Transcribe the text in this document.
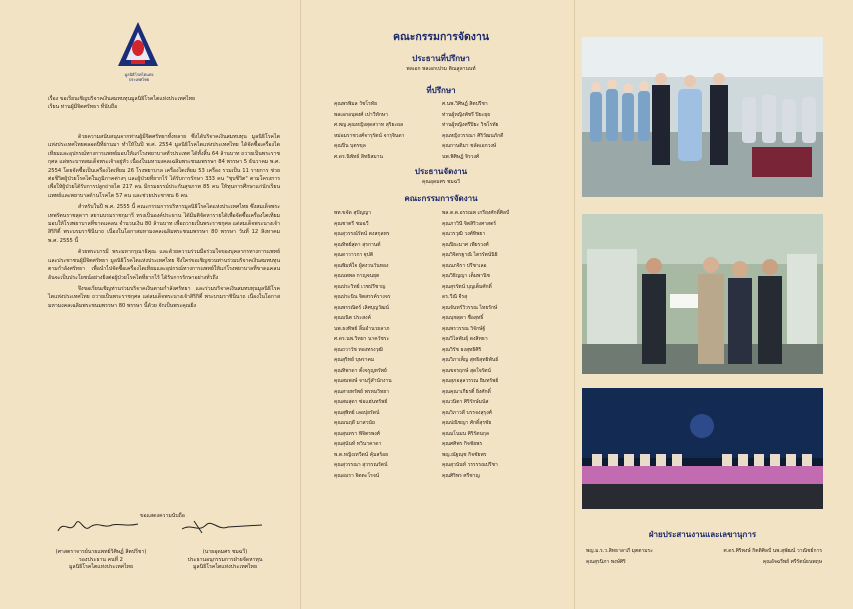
มูลนิธิโรคไตแห่ง
ประเทศไทย
เรื่อง ขอเรียนเชิญบริจาคเงินสมทบทุนมูลนิธิโรคไตแห่งประเทศไทย
เรียน ท่านผู้มีจิตศรัทธา ที่นับถือ

ด้วยความสนับสนุนจากท่านผู้มีจิตศรัทธาทั้งหลาย ซึ่งได้บริจาคเงินสมทบทุน มูลนิธิโรคไตแห่งประเทศไทยตลอดปีที่ผ่านมา ทำให้ในปี พ.ศ. 2554 มูลนิธิโรคไตแห่งประเทศไทย ได้จัดซื้อเครื่องไตเทียมและอุปกรณ์ทางการแพทย์มอบให้แก่โรงพยาบาลทั่วประเทศ ได้ทั้งสิ้น 64 ล้านบาท ถวายเป็นพระราชกุศล แด่พระบาทสมเด็จพระเจ้าอยู่หัว เนื่องในมหามงคลเฉลิมพระชนมพรรษา 84 พรรษา 5 ธันวาคม พ.ศ. 2554 โดยจัดซื้อเป็นเครื่องไตเทียม 26 โรงพยาบาล เครื่องไตเทียม 53 เครื่อง รวมเป็น 11 รายการ ช่วยต่อชีวิตผู้ป่วยโรคไตในภูมิภาคต่างๆ และผู้ป่วยที่ยากไร้ ได้รับการรักษา 333 คน "ชุบชีวิต" ตามโครงการเพื่อให้ผู้ป่วยได้รับการปลูกถ่ายไต 217 คน มีกรมธรรม์ประกันสุขภาพ 85 คน ให้ทุนการศึกษาแก่นักเรียนแพทย์และพยาบาลด้านโรคไต 57 คน และช่วยประชาชน 6 คน

สำหรับในปี พ.ศ. 2555 นี้ คณะกรรมการบริหารมูลนิธิโรคไตแห่งประเทศไทย ซึ่งสมเด็จพระเทพรัตนราชสุดาฯ สยามบรมราชกุมารี ทรงเป็นองค์ประธาน ได้มีมติจัดหารายได้เพื่อจัดซื้อเครื่องไตเทียมมอบให้โรงพยาบาลที่ขาดแคลน จำนวนเงิน 80 ล้านบาท เพื่อถวายเป็นพระราชกุศล แด่สมเด็จพระนางเจ้าสิริกิติ์ พระบรมราชินีนาถ เนื่องในโอกาสมหามงคลเฉลิมพระชนมพรรษา 80 พรรษา วันที่ 12 สิงหาคม พ.ศ. 2555 นี้

ด้วยพระบารมี พระมหากรุณาธิคุณ และด้วยความร่วมมือร่วมใจของบุคลากรทางการแพทย์ และประชาชนผู้มีจิตศรัทธา มูลนิธิโรคไตแห่งประเทศไทย จึงใคร่ขอเชิญชวนท่านร่วมบริจาคเงินสมทบทุนตามกำลังศรัทธา เพื่อนำไปจัดซื้อเครื่องไตเทียมและอุปกรณ์ทางการแพทย์ให้แก่โรงพยาบาลที่ขาดแคลน อันจะเป็นประโยชน์อย่างยิ่งต่อผู้ป่วยโรคไตที่ยากไร้ ได้รับการรักษาอย่างทั่วถึง

จึงขอเรียนเชิญท่านร่วมบริจาคเงินตามกำลังศรัทธา และร่วมบริจาคเงินสมทบทุนมูลนิธิโรคไตแห่งประเทศไทย ถวายเป็นพระราชกุศล แด่สมเด็จพระนางเจ้าสิริกิติ์ พระบรมราชินีนาถ เนื่องในโอกาสมหามงคลเฉลิมพระชนมพรรษา 80 พรรษา นี้ด้วย จักเป็นพระคุณยิ่ง

ขอแสดงความนับถือ
(ศาสตราจารย์นายแพทย์วิศิษฏ์ สิตปรีชา)
รองประธาน คนที่ 2
มูลนิธิโรคไตแห่งประเทศไทย
(นายอุดมศร ชมฉวี)
ประธานอนุกรรมการฝ่ายจัดหาทุน
มูลนิธิโรคไตแห่งประเทศไทย
คณะกรรมการจัดงาน
ประธานที่ปรึกษา
พลเอก พลเอกเปรม ติณสูลานนท์
ที่ปรึกษา
คุณพรพิมล วัชโรทัย	ศ.นพ.วิศิษฏ์ สิตปรีชา
พลเอกอนุพงศ์ เปาวีทักษา	ท่านผู้หญิงพัชรี ปิยะยุธ
ศ.พญ.คุณหญิงสุดสวาท สุริยะผล	ท่านผู้หญิงศรีปิยะ วิชโรทัย
หม่อมราชวงศ์จารุรัตน์ จารุจินดา	คุณหญิงวรรณา ศิริวัฒนภักดี
คุณปิ่น บุตรขุล	คุณกานติมา ชลัดเอกวงษ์
ศ.ดร.นิพัทธ์ สิทธิสมาน	นพ.พิศิษฏ์ จิรวงศ์
ประธานจัดงาน
คุณอุดมศร ชมฉวี
คณะกรรมการจัดงาน
พท.ขจัด สุปัญญา	พล.ต.ต.อรรณพ เกรียงศักดิ์ศิลป์
คุณชาตรี ชมฉวี	คุณภาวินี จิตสิริวงศาสตร์
คุณสุวรรณ์รัตน์ ตงสกุลทร	คุณวรวุฒิ วงศ์ทิพยา
คุณทิพย์สุดา สุรกานต์	คุณปิยะมาศ เพียรวงศ์
คุณดาวาวกา ฐุปติ	คุณวิจิตรฐาณิ ไตรรัตน์นิธิ
คุณพิมพ์ใจ ผู้สงวนวันทอง	คุณนภจิรา ปรีชาเลอ
คุณนพพล กาญจนยุต	คุณวิธิญญา เต็มพานิช
คุณประวิทย์ เวชปรีชาญ	คุณสุรรัตน์ บุญเต็มศักดิ์
คุณประนิน จิตสรรค์รางจร	ดร.วีณี จีรสุ
คุณพรรณิตร์ เลิศบุญวัฒน์	คุณจันทร์วิวรรณ ไทยรักษ์
คุณมนิต ประสงค์	คุณนุชสุดา ชื่อสุทธิ์
นพ.ธงทิพย์ ลิ้มอำนวยลาภ	คุณพรวรรณ วิจักษ์ฐ์
ศ.ดร.นพ.วิทยา นาควัชระ	คุณวิไลพันธุ์ ตงสิทธา
คุณถวาวัช ทองทรงวุฒิ	คุณวิรัช ธงสุทธิศิริ
คุณสุริทย์ บุษราคม	คุณวิภาเพ็ญ สุทธิสุทธิพันธ์
คุณทิพาดา ตั้งจรูญทรัพย์	คุณขจรฤกษ์ สุดใจรัตน์
คุณสมพงษ์ จามรู้สำนักงาน	คุณสุภอลุลวรรณ ยิมทรัพย์
คุณสายทรัพย์ พรหมวิทยา	คุณคุณาเกียรติ์ ยิ่งศักดิ์
คุณสมสุดา ซ่อแฮ่นทรัพย์	คุณวนิตา ศิริรักษ์มนัส
คุณสุพิทย์ เลอปุยรัตน์	คุณวิภาวดี บรรจงสุรุงศ์
คุณมนฤดี มาสวนัย	คุณปณิชญา ศักดิ์สุรชัย
คุณสุนทรา พิจิตรพงศ์	คุณมโนมน ศิริรัตนกุล
คุณสุนันท์ ทวินาคาดา	คุณศศิพร กิจชัยพร
พ.ต.หญิงเทวีตน์ คุ้มสร้อย	พญ.ณัฐณุช กิจชัยพร
คุณสุวรรณา สุวรรณรัตน์	คุณสุวนันท์ วรรรรณปรีชา
คุณอมรา จิตตะโรจน์	คุณศิริพร ศรีชาญ
ฝ่ายประสานงานและเลขานุการ
พญ.ม.ร.ว.สิทธาลาภี มุตตามระ	ศ.ดร.ศิริพงษ์ กิตติศิลป์ นพ.สุพัฒน์ วาณิชย์การ
คุณสุรนิภา พงษ์ศิริ	คุณอัจฉรีพย์ ศรีรัตน์ธนพฤษ
